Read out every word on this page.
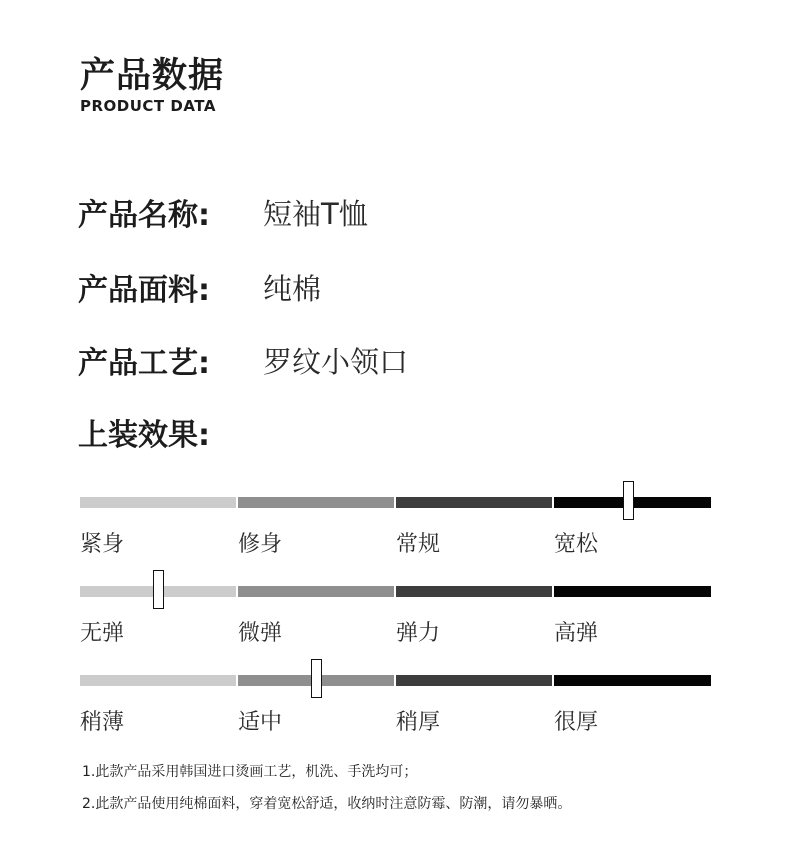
产品数据
PRODUCT DATA
产品名称:	短袖T恤
产品面料:	纯棉
产品工艺:	罗纹小领口
上装效果:
紧身	修身	常规	宽松
无弹	微弹	弹力	高弹
稍薄	适中	稍厚	很厚
1.此款产品采用韩国进口烫画工艺，机洗、手洗均可；
2.此款产品使用纯棉面料，穿着宽松舒适，收纳时注意防霉、防潮，请勿暴晒。
